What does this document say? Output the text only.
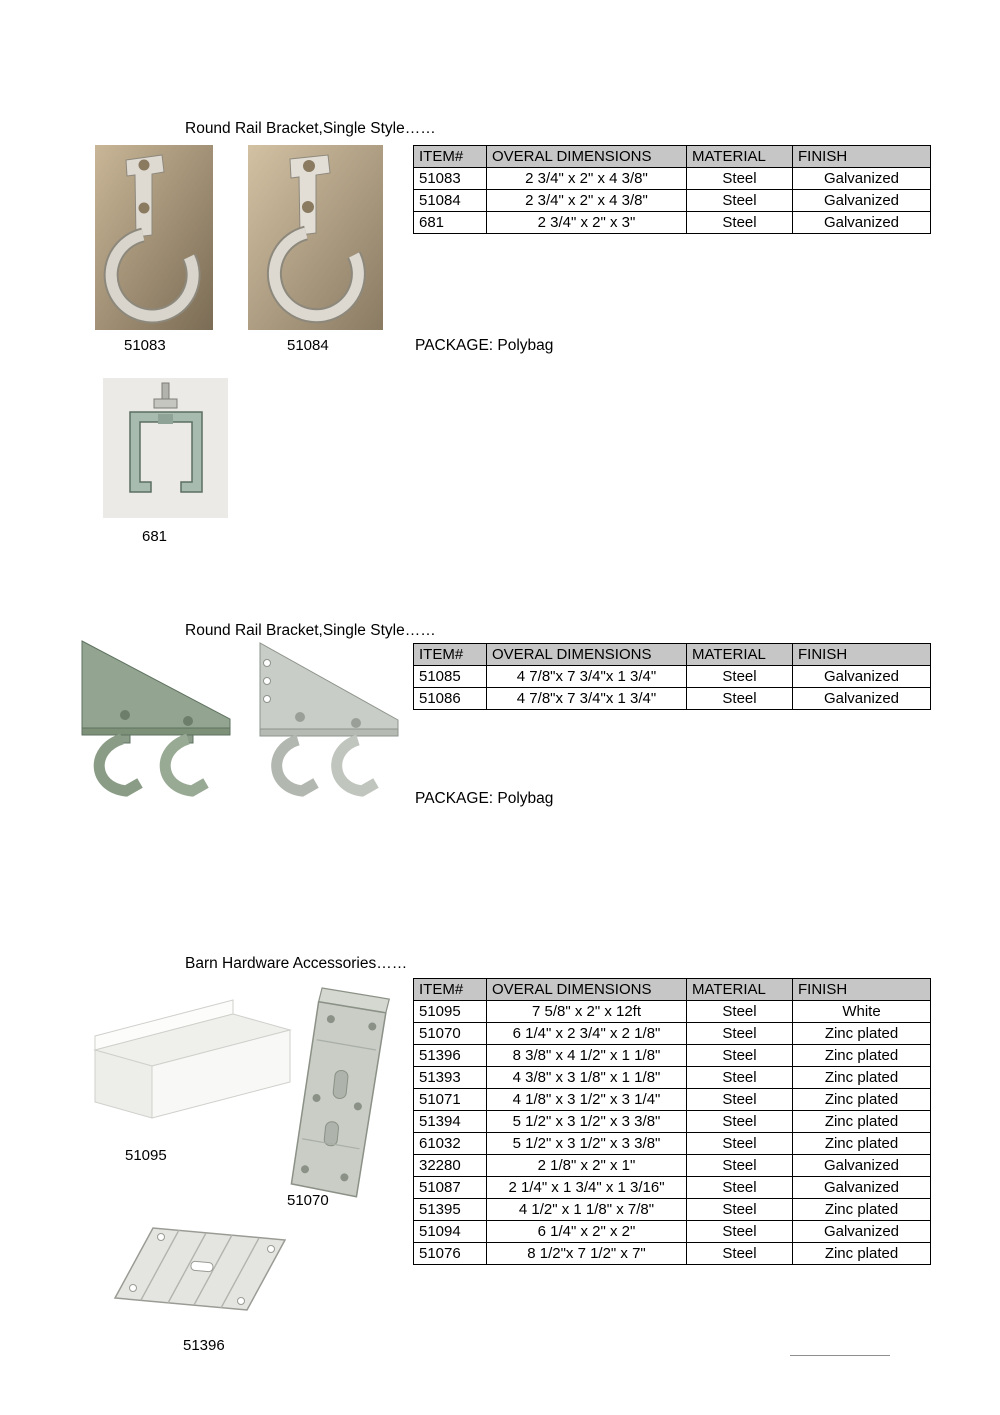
Round Rail Bracket,Single Style……
ITEM#	OVERAL DIMENSIONS	MATERIAL	FINISH
51083	2 3/4" x 2" x 4 3/8"	Steel	Galvanized
51084	2 3/4" x 2" x 4 3/8"	Steel	Galvanized
681	2 3/4" x 2" x 3"	Steel	Galvanized
51083	51084	PACKAGE: Polybag
681
Round Rail Bracket,Single Style……
ITEM#	OVERAL DIMENSIONS	MATERIAL	FINISH
51085	4 7/8"x 7 3/4"x 1 3/4"	Steel	Galvanized
51086	4 7/8"x 7 3/4"x 1 3/4"	Steel	Galvanized
PACKAGE: Polybag
Barn Hardware Accessories……
ITEM#	OVERAL DIMENSIONS	MATERIAL	FINISH
51095	7 5/8" x 2" x 12ft	Steel	White
51070	6 1/4" x 2 3/4" x 2 1/8"	Steel	Zinc plated
51396	8 3/8" x 4 1/2" x 1 1/8"	Steel	Zinc plated
51393	4 3/8" x 3 1/8" x 1 1/8"	Steel	Zinc plated
51071	4 1/8" x 3 1/2" x 3 1/4"	Steel	Zinc plated
51394	5 1/2" x 3 1/2" x 3 3/8"	Steel	Zinc plated
61032	5 1/2" x 3 1/2" x 3 3/8"	Steel	Zinc plated
32280	2 1/8" x 2" x 1"	Steel	Galvanized
51087	2 1/4" x 1 3/4" x 1 3/16"	Steel	Galvanized
51395	4 1/2" x 1 1/8" x 7/8"	Steel	Zinc plated
51094	6 1/4" x 2" x 2"	Steel	Galvanized
51076	8 1/2"x 7 1/2" x 7"	Steel	Zinc plated
51095
51070
51396
